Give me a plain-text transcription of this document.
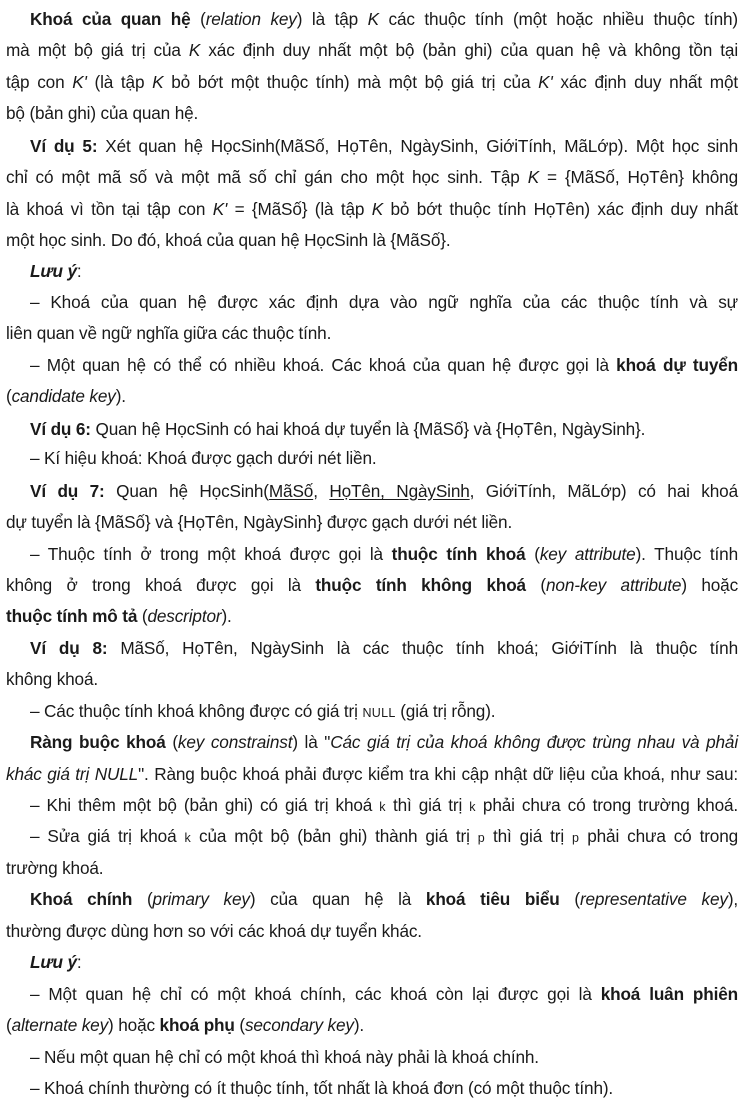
Khoá của quan hệ (relation key) là tập K các thuộc tính (một hoặc nhiều thuộc tính)
mà một bộ giá trị của K xác định duy nhất một bộ (bản ghi) của quan hệ và không tồn tại
tập con K' (là tập K bỏ bớt một thuộc tính) mà một bộ giá trị của K' xác định duy nhất một
bộ (bản ghi) của quan hệ.
Ví dụ 5: Xét quan hệ HọcSinh(MãSố, HọTên, NgàySinh, GiớiTính, MãLớp). Một học sinh
chỉ có một mã số và một mã số chỉ gán cho một học sinh. Tập K = {MãSố, HọTên} không
là khoá vì tồn tại tập con K' = {MãSố} (là tập K bỏ bớt thuộc tính HọTên) xác định duy nhất
một học sinh. Do đó, khoá của quan hệ HọcSinh là {MãSố}.
Lưu ý:
– Khoá của quan hệ được xác định dựa vào ngữ nghĩa của các thuộc tính và sự
liên quan về ngữ nghĩa giữa các thuộc tính.
– Một quan hệ có thể có nhiều khoá. Các khoá của quan hệ được gọi là khoá dự tuyển
(candidate key).
Ví dụ 6: Quan hệ HọcSinh có hai khoá dự tuyển là {MãSố} và {HọTên, NgàySinh}.
– Kí hiệu khoá: Khoá được gạch dưới nét liền.
Ví dụ 7: Quan hệ HọcSinh(MãSố, HọTên, NgàySinh, GiớiTính, MãLớp) có hai khoá
dự tuyển là {MãSố} và {HọTên, NgàySinh} được gạch dưới nét liền.
– Thuộc tính ở trong một khoá được gọi là thuộc tính khoá (key attribute). Thuộc tính
không ở trong khoá được gọi là thuộc tính không khoá (non-key attribute) hoặc
thuộc tính mô tả (descriptor).
Ví dụ 8: MãSố, HọTên, NgàySinh là các thuộc tính khoá; GiớiTính là thuộc tính
không khoá.
– Các thuộc tính khoá không được có giá trị NULL (giá trị rỗng).
Ràng buộc khoá (key constrainst) là "Các giá trị của khoá không được trùng nhau và phải
khác giá trị NULL". Ràng buộc khoá phải được kiểm tra khi cập nhật dữ liệu của khoá, như sau:
– Khi thêm một bộ (bản ghi) có giá trị khoá k thì giá trị k phải chưa có trong trường khoá.
– Sửa giá trị khoá k của một bộ (bản ghi) thành giá trị p thì giá trị p phải chưa có trong
trường khoá.
Khoá chính (primary key) của quan hệ là khoá tiêu biểu (representative key),
thường được dùng hơn so với các khoá dự tuyển khác.
Lưu ý:
– Một quan hệ chỉ có một khoá chính, các khoá còn lại được gọi là khoá luân phiên
(alternate key) hoặc khoá phụ (secondary key).
– Nếu một quan hệ chỉ có một khoá thì khoá này phải là khoá chính.
– Khoá chính thường có ít thuộc tính, tốt nhất là khoá đơn (có một thuộc tính).
